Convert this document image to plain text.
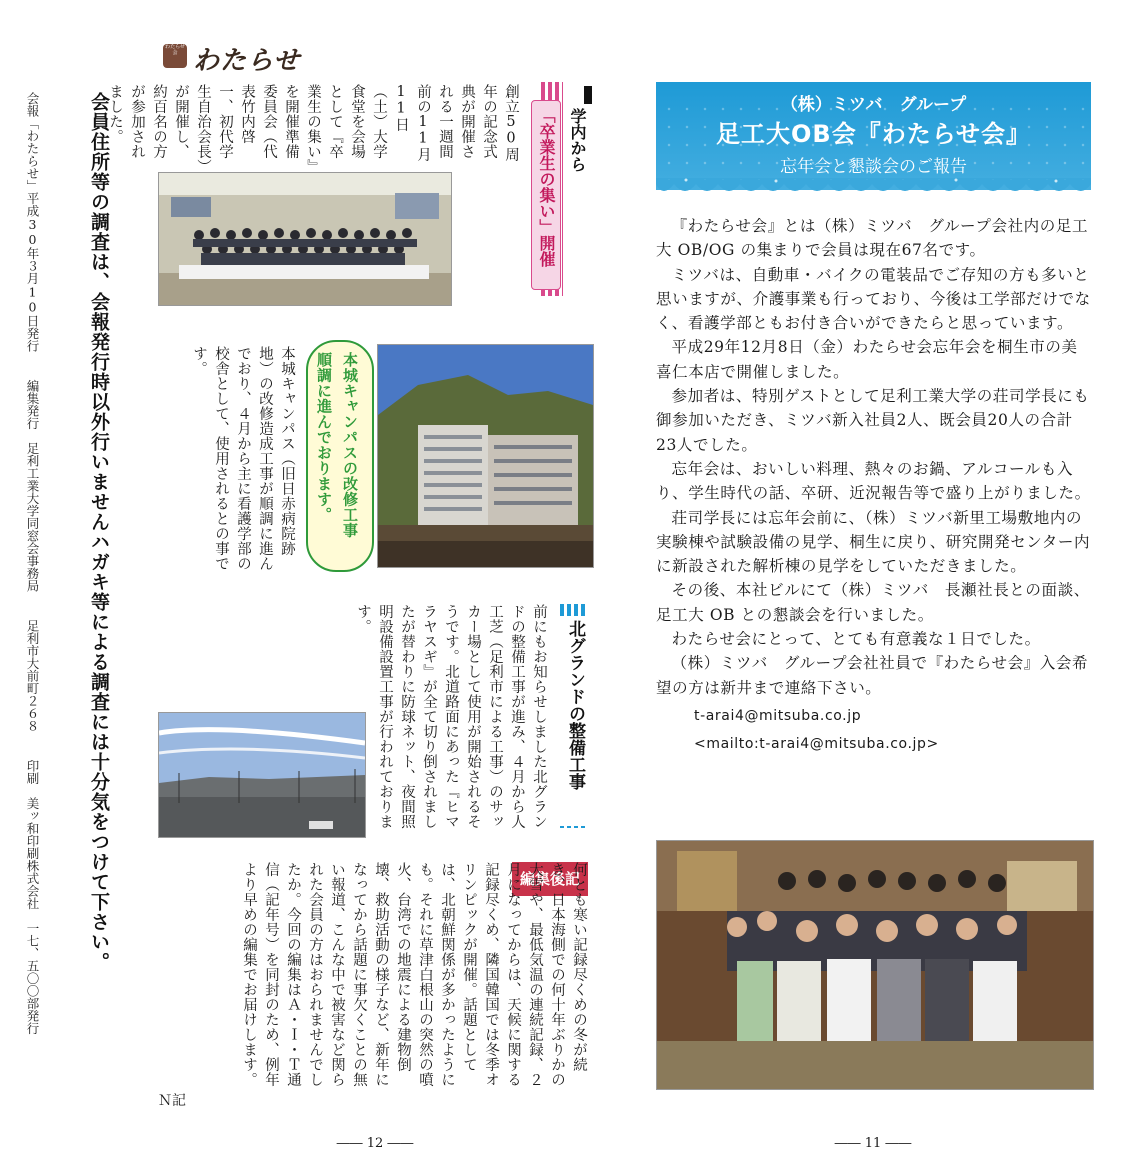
わたらせ会 わたらせ
会報「わたらせ」平成30年３月10日発行　 編集発行　足利工業大学同窓会事務局　 足利市大前町２６８　 印刷　美ッ和印刷株式会社　一七、五〇〇部発行	会員住所等の調査は、会報発行時以外行いませんハガキ等による調査には十分気をつけて下さい。	学内から
「卒業生の集い」開催
創立50周年の記念式典が開催される一週間前の11月11日（土）大学食堂を会場として『卒業生の集い』を開催準備委員会（代表竹内啓一、初代学生自治会長）が開催し、約百名の方が参加されました。
本城キャンパスの改修工事
順調に進んでおります。
本城キャンパス（旧日赤病院跡地）の改修造成工事が順調に進んでおり、４月から主に看護学部の校舎として、使用されるとの事です。
北グランドの整備工事
前にもお知らせしました北グランドの整備工事が進み、４月から人工芝（足利市による工事）のサッカー場として使用が開始されるそうです。北道路面にあった『ヒマラヤスギ』が全て切り倒されましたが替わりに防球ネット、夜間照明設備設置工事が行われております。
編集後記
何とも寒い記録尽くめの冬が続き、日本海側での何十年ぶりかの大雪や、最低気温の連続記録、２月になってからは、天候に関する記録尽くめ、隣国韓国では冬季オリンピックが開催。話題としては、北朝鮮関係が多かったようにも。それに草津白根山の突然の噴火、台湾での地震による建物倒壊、救助活動の様子など、新年になってから話題に事欠くことの無い報道、こんな中で被害など関られた会員の方はおられませんでしたか。今回の編集はＡ・Ｉ・Ｔ通信（記年号）を同封のため、例年より早めの編集でお届けします。
Ｎ記
―― 12 ――
（株）ミツバ　グループ
足工大OB会『わたらせ会』
忘年会と懇談会のご報告

『わたらせ会』とは（株）ミツバ　グループ会社内の足工大 OB/OG の集まりで会員は現在67名です。

ミツバは、自動車・バイクの電装品でご存知の方も多いと思いますが、介護事業も行っており、今後は工学部だけでなく、看護学部ともお付き合いができたらと思っています。

平成29年12月8日（金）わたらせ会忘年会を桐生市の美喜仁本店で開催しました。

参加者は、特別ゲストとして足利工業大学の荘司学長にも御参加いただき、ミツバ新入社員2人、既会員20人の合計23人でした。

忘年会は、おいしい料理、熱々のお鍋、アルコールも入り、学生時代の話、卒研、近況報告等で盛り上がりました。

荘司学長には忘年会前に、（株）ミツバ新里工場敷地内の実験棟や試験設備の見学、桐生に戻り、研究開発センター内に新設された解析棟の見学をしていただきました。

その後、本社ビルにて（株）ミツバ　長瀬社長との面談、足工大 OB との懇談会を行いました。

わたらせ会にとって、とても有意義な１日でした。

（株）ミツバ　グループ会社社員で『わたらせ会』入会希望の方は新井まで連絡下さい。

t-arai4@mitsuba.co.jp

<mailto:t-arai4@mitsuba.co.jp>

―― 11 ――
